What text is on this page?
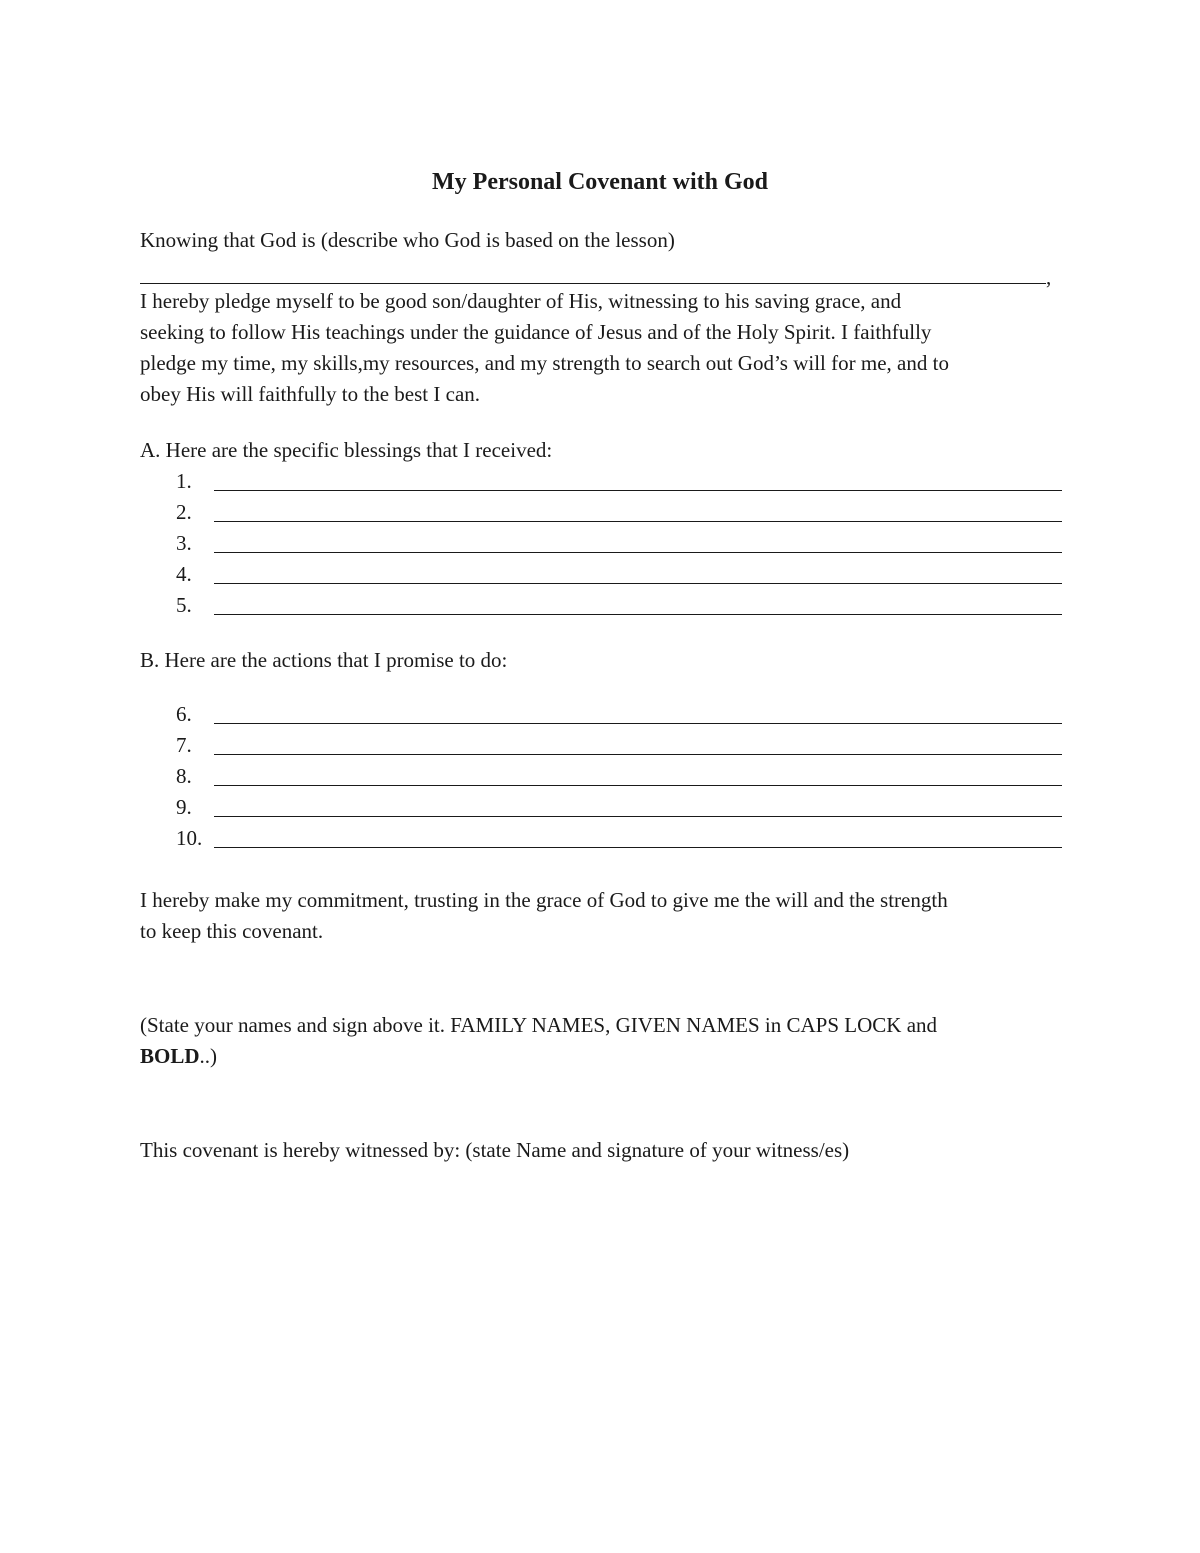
My Personal Covenant with God
Knowing that God is (describe who God is based on the lesson)
,
I hereby pledge myself to be good son/daughter of His, witnessing to his saving grace, and
seeking to follow His teachings under the guidance of Jesus and of the Holy Spirit. I faithfully
pledge my time, my skills,my resources, and my strength to search out God’s will for me, and to
obey His will faithfully to the best I can.
A. Here are the specific blessings that I received:
1.
2.
3.
4.
5.
B. Here are the actions that I promise to do:
6.
7.
8.
9.
10.
I hereby make my commitment, trusting in the grace of God to give me the will and the strength
to keep this covenant.
(State your names and sign above it. FAMILY NAMES, GIVEN NAMES in CAPS LOCK and
BOLD..)
This covenant is hereby witnessed by: (state Name and signature of your witness/es)
